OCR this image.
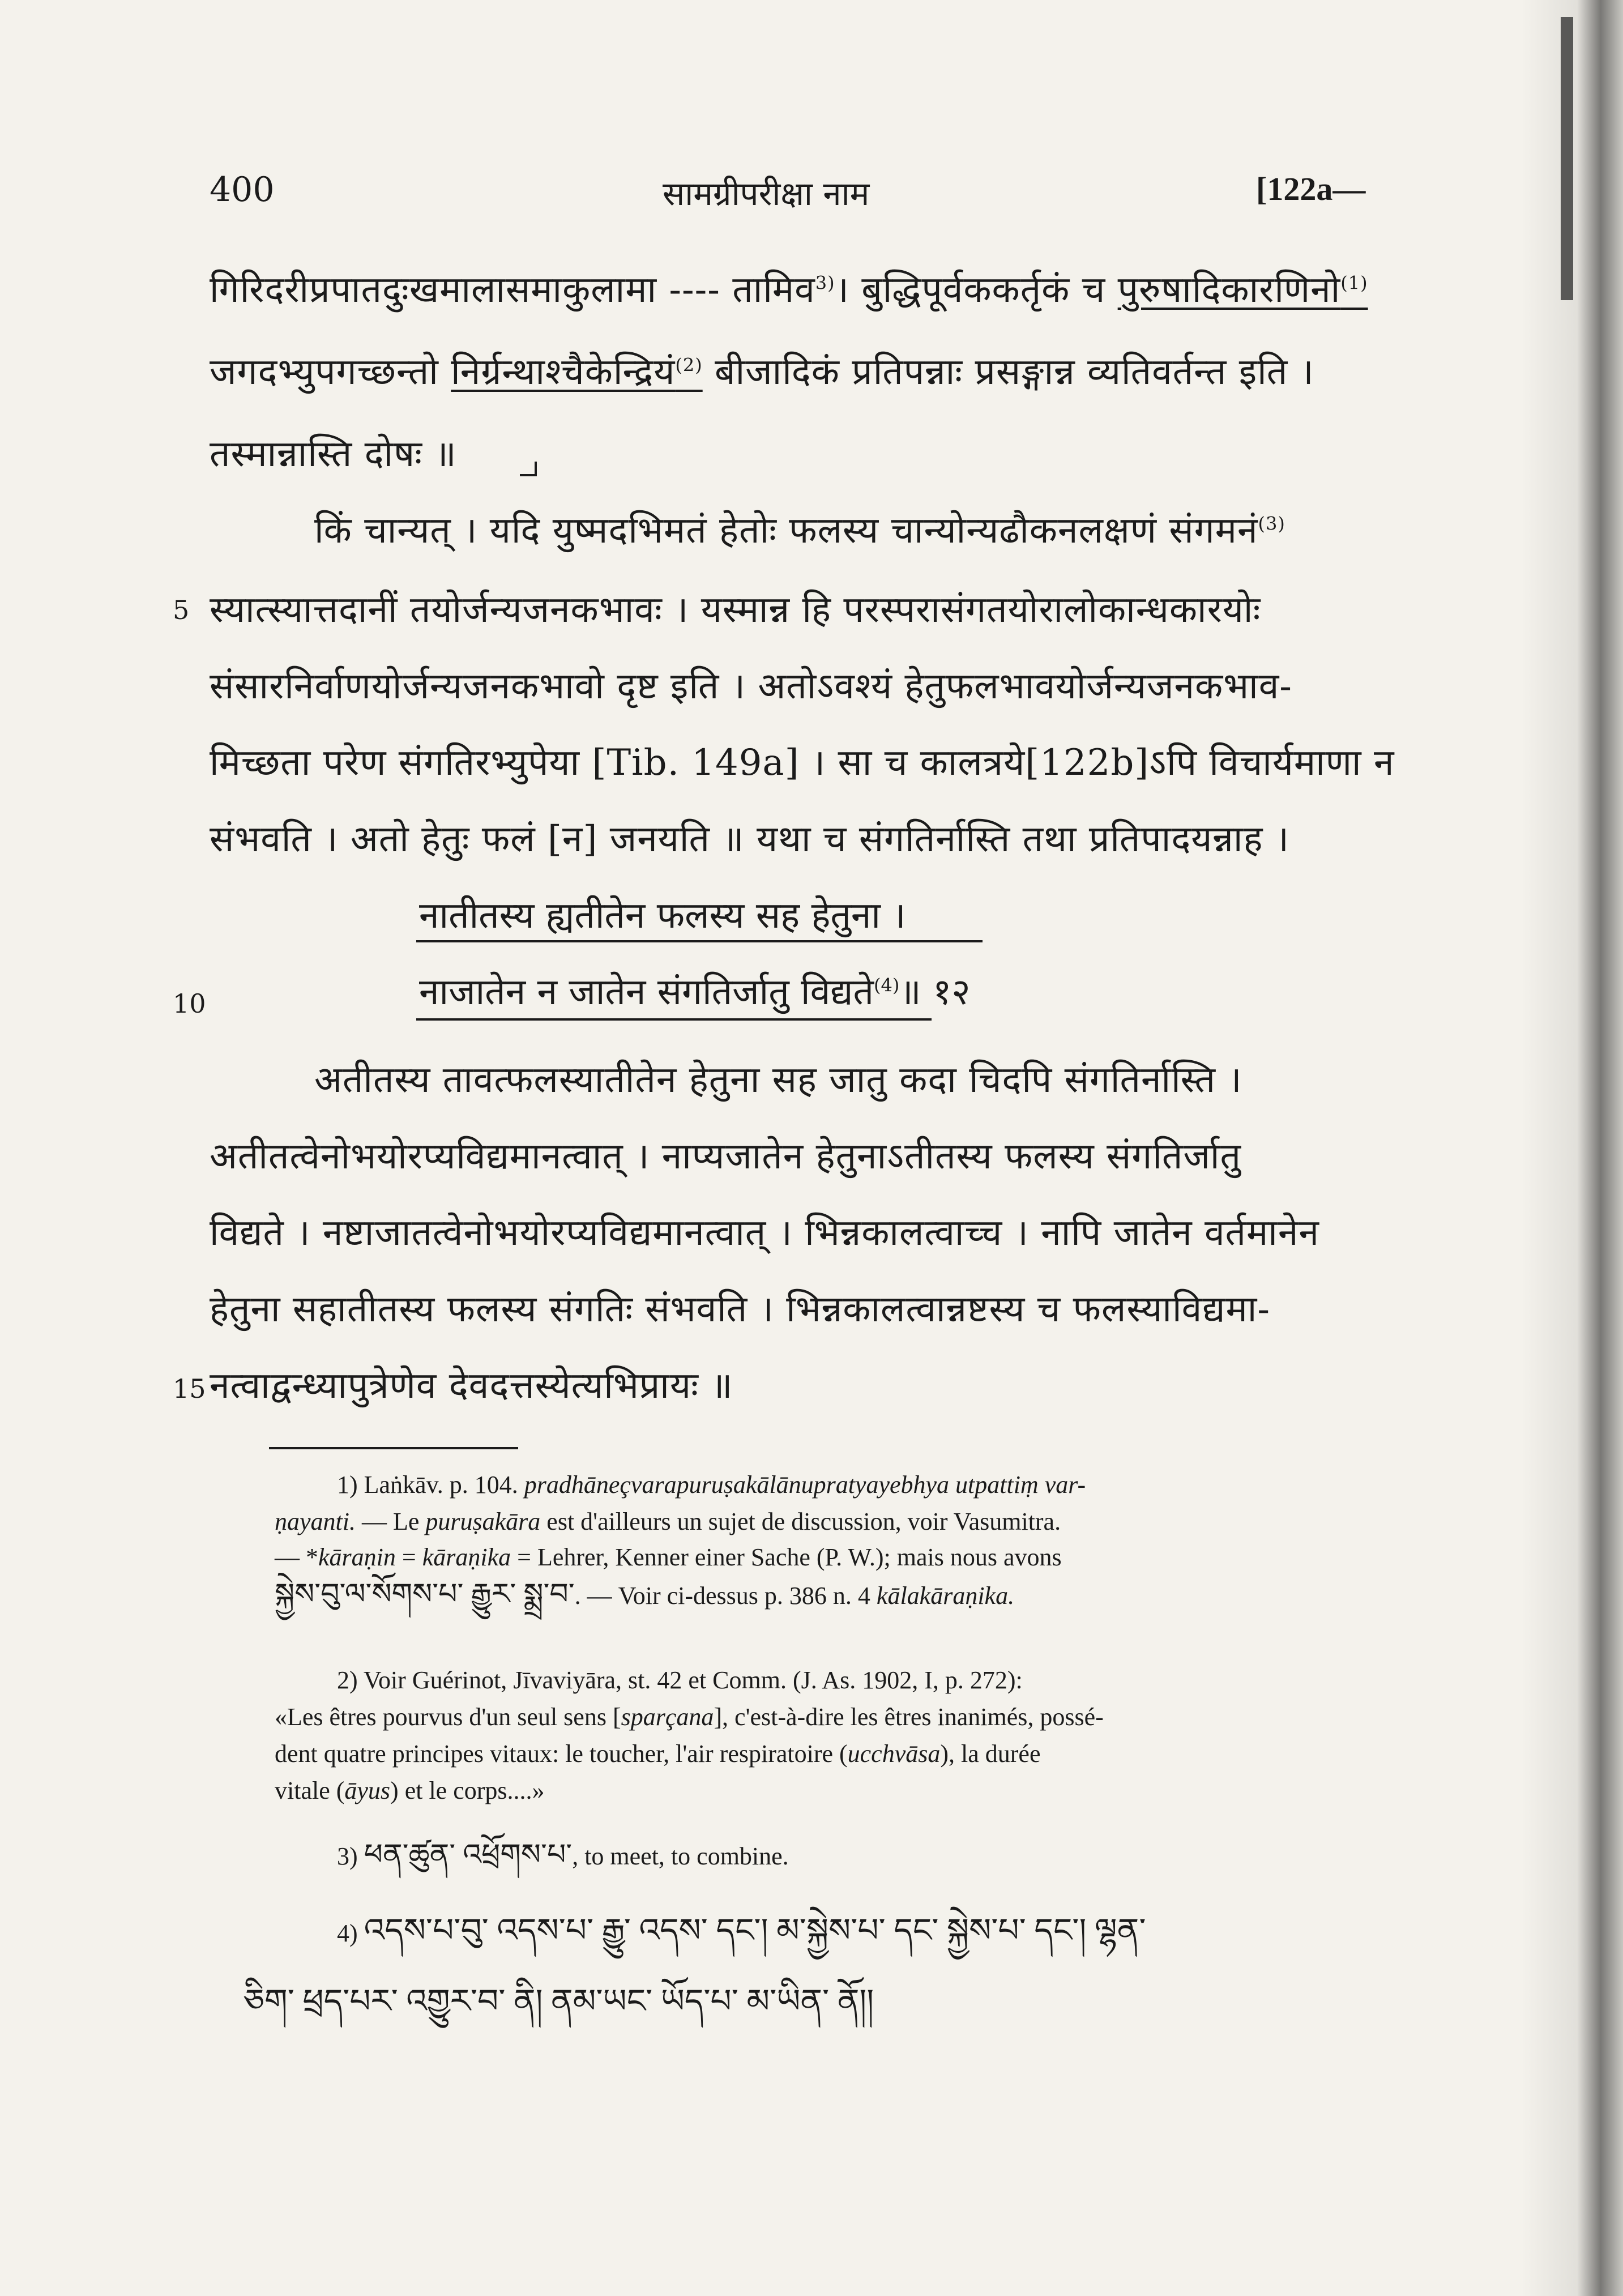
400	सामग्रीपरीक्षा नाम	[122a—
गिरिदरीप्रपातदुःखमालासमाकुलामा ---- तामिव$^{3)}$। बुद्धिपूर्वककर्तृकं च पुरुषादिकारणिनो$^{(1)}$
जगदभ्युपगच्छन्तो निर्ग्रन्थाश्चैकेन्द्रियं$^{(2)}$ बीजादिकं प्रतिपन्नाः प्रसङ्गान्न व्यतिवर्तन्त इति ।
तस्मान्नास्ति दोषः ॥
किं चान्यत् । यदि युष्मदभिमतं हेतोः फलस्य चान्योन्यढौकनलक्षणं संगमनं$^{(3)}$
5 स्यात्स्यात्तदानीं तयोर्जन्यजनकभावः । यस्मान्न हि परस्परासंगतयोरालोकान्धकारयोः
संसारनिर्वाणयोर्जन्यजनकभावो दृष्ट इति । अतोऽवश्यं हेतुफलभावयोर्जन्यजनकभाव-
मिच्छता परेण संगतिरभ्युपेया [Tib. 149a] । सा च कालत्रये[122b]ऽपि विचार्यमाणा न
संभवति । अतो हेतुः फलं [न] जनयति ॥ यथा च संगतिर्नास्ति तथा प्रतिपादयन्नाह ।
नातीतस्य ह्यतीतेन फलस्य सह हेतुना ।
10	नाजातेन न जातेन संगतिर्जातु विद्यते$^{(4)}$॥ १२
अतीतस्य तावत्फलस्यातीतेन हेतुना सह जातु कदा चिदपि संगतिर्नास्ति ।
अतीतत्वेनोभयोरप्यविद्यमानत्वात् । नाप्यजातेन हेतुनाऽतीतस्य फलस्य संगतिर्जातु
विद्यते । नष्टाजातत्वेनोभयोरप्यविद्यमानत्वात् । भिन्नकालत्वाच्च । नापि जातेन वर्तमानेन
हेतुना सहातीतस्य फलस्य संगतिः संभवति । भिन्नकालत्वान्नष्टस्य च फलस्याविद्यमा-
15 नत्वाद्वन्ध्यापुत्रेणेव देवदत्तस्येत्यभिप्रायः ॥
1) Laṅkāv. p. 104. pradhāneçvarapuruṣakālānupratyayebhya utpattiṃ var-
ṇayanti. — Le puruṣakāra est d'ailleurs un sujet de discussion, voir Vasumitra.
— *kāraṇin = kāraṇika = Lehrer, Kenner einer Sache (P. W.); mais nous avons
སྐྱེས་བུ་ལ་སོགས་པ་ རྒྱུར་ སྨྲ་བ་. — Voir ci-dessus p. 386 n. 4 kālakāraṇika.
2) Voir Guérinot, Jīvaviyāra, st. 42 et Comm. (J. As. 1902, I, p. 272):
«Les êtres pourvus d'un seul sens [sparçana], c'est-à-dire les êtres inanimés, possé-
dent quatre principes vitaux: le toucher, l'air respiratoire (ucchvāsa), la durée
vitale (āyus) et le corps....»
3) ཕན་ཚུན་ འཕྲོགས་པ་, to meet, to combine.
4) འདས་པ་བུ་ འདས་པ་ རྒྱུ་ འདས་ དང་། མ་སྐྱེས་པ་ དང་ སྐྱེས་པ་ དང་། ལྷན་
ཅིག་ ཕྲད་པར་ འགྱུར་བ་ ནི། ནམ་ཡང་ ཡོད་པ་ མ་ཡིན་ ནོ།།
